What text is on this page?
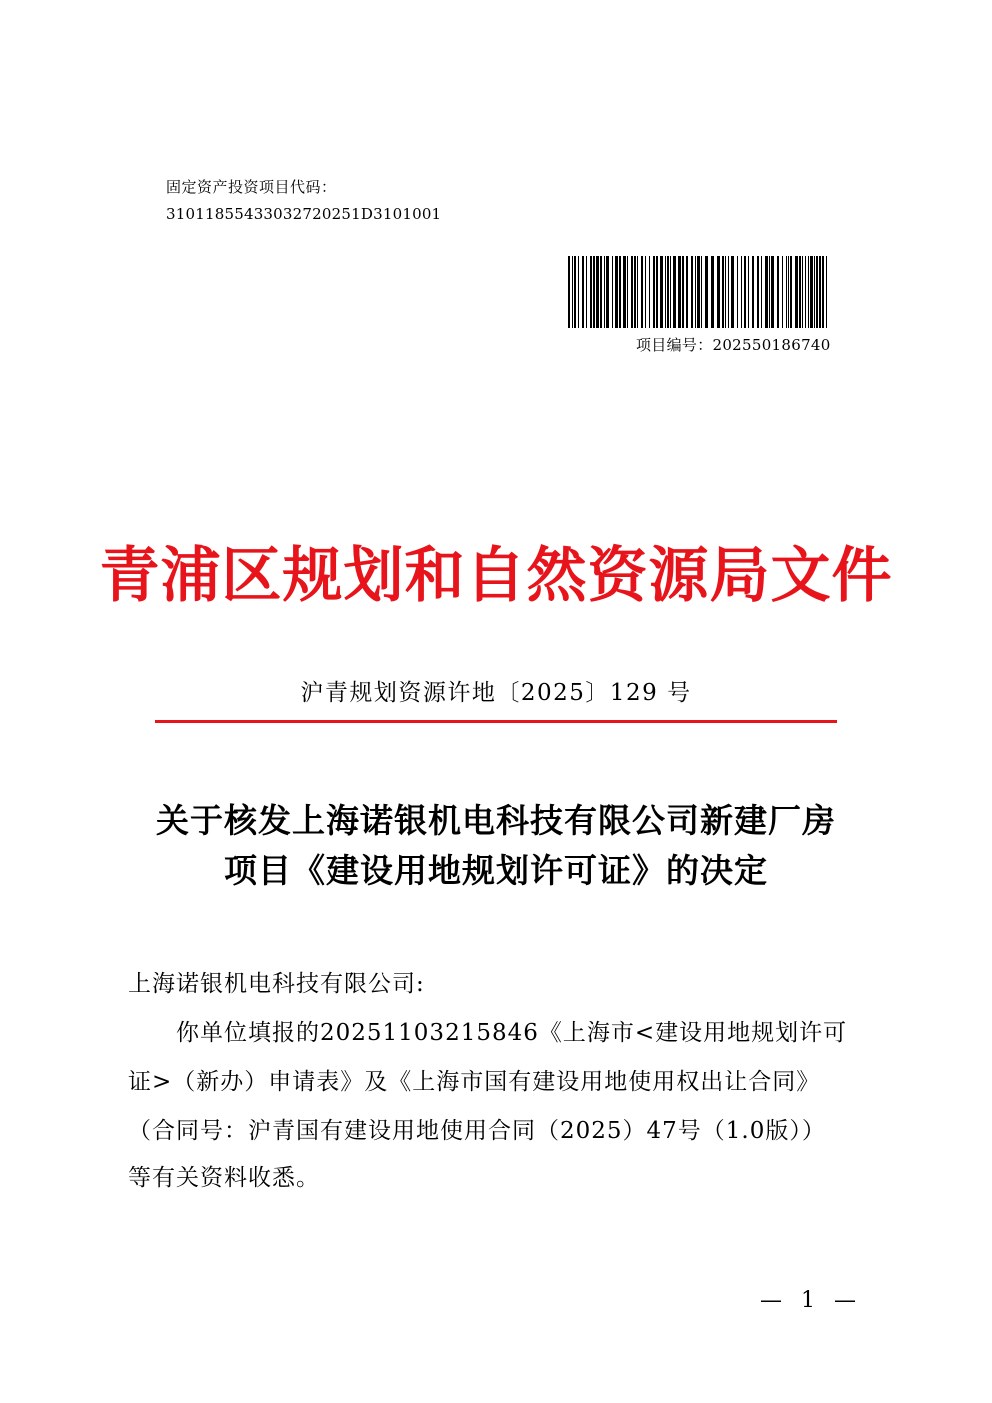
固定资产投资项目代码：

3101185543303272025‍1D3101001

项目编号：202550186740

青浦区规划和自然资源局文件

沪青规划资源许地〔2025〕129 号

关于核发上海诺银机电科技有限公司新建厂房
项目《建设用地规划许可证》的决定

上海诺银机电科技有限公司:

你单位填报的20251103215846《上海市<建设用地规划许可

证>（新办）申请表》及《上海市国有建设用地使用权出让合同》

（合同号：沪青国有建设用地使用合同（2025）47号（1.0版））

等有关资料收悉。

— 1 —
